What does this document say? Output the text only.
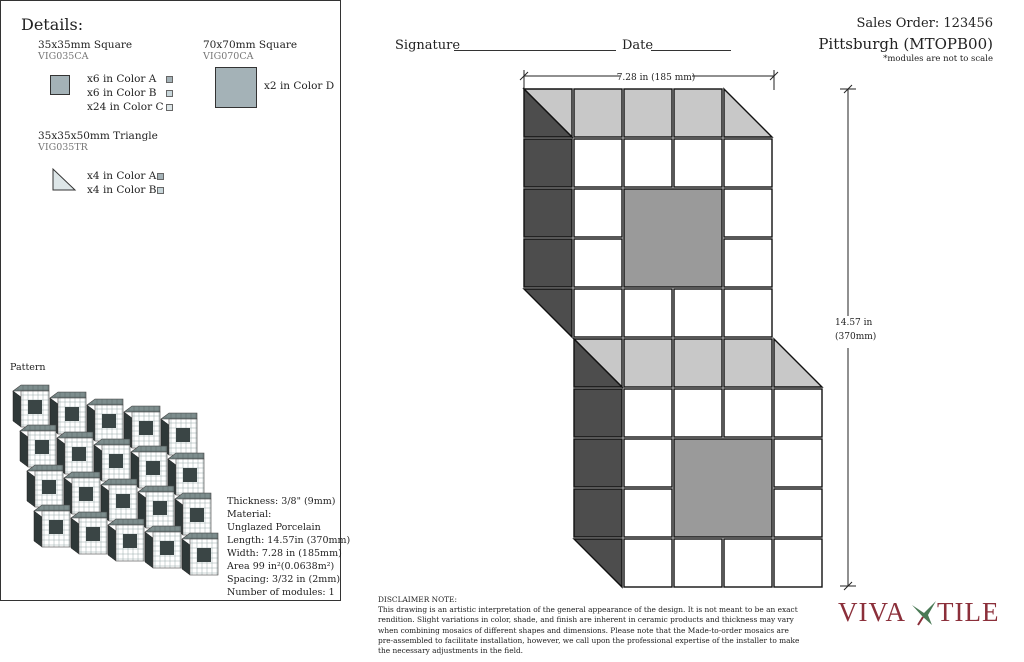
Details:
35x35mm Square
VIG035CA
x6 in Color A
x6 in Color B
x24 in Color C
70x70mm Square
VIG070CA
x2 in Color D
35x35x50mm Triangle
VIG035TR
x4 in Color A
x4 in Color B
Pattern
Thickness: 3/8" (9mm)
Material:
Unglazed Porcelain
Length: 14.57in (370mm)
Width: 7.28 in (185mm)
Area 99 in²(0.0638m²)
Spacing: 3/32 in (2mm)
Number of modules: 1
Signature	Date
Sales Order: 123456
Pittsburgh (MTOPB00)
*modules are not to scale
7.28 in (185 mm)
14.57 in
(370mm)
DISCLAIMER NOTE:
This drawing is an artistic interpretation of the general appearance of the design. It is not meant to be an exact
rendition. Slight variations in color, shade, and finish are inherent in ceramic products and thickness may vary
when combining mosaics of different shapes and dimensions. Please note that the Made-to-order mosaics are
pre-assembled to facilitate installation, however, we call upon the professional expertise of the installer to make
the necessary adjustments in the field.
VIVA TILE
